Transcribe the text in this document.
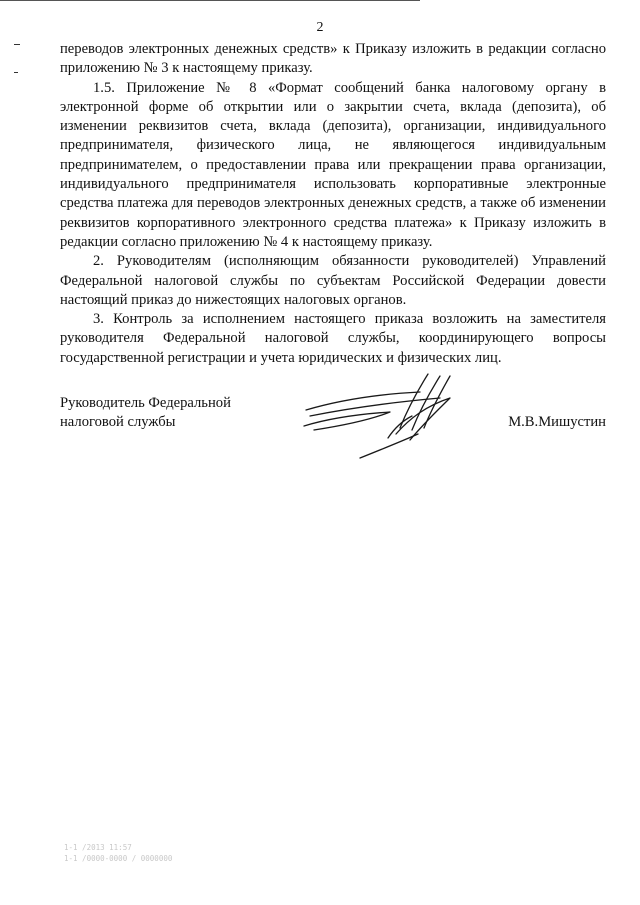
2

переводов электронных денежных средств» к Приказу изложить в редакции согласно приложению № 3 к настоящему приказу.

1.5. Приложение № 8 «Формат сообщений банка налоговому органу в электронной форме об открытии или о закрытии счета, вклада (депозита), об изменении реквизитов счета, вклада (депозита), организации, индивидуального предпринимателя, физического лица, не являющегося индивидуальным предпринимателем, о предоставлении права или прекращении права организации, индивидуального предпринимателя использовать корпоративные электронные средства платежа для переводов электронных денежных средств, а также об изменении реквизитов корпоративного электронного средства платежа» к Приказу изложить в редакции согласно приложению № 4 к настоящему приказу.

2. Руководителям (исполняющим обязанности руководителей) Управлений Федеральной налоговой службы по субъектам Российской Федерации довести настоящий приказ до нижестоящих налоговых органов.

3. Контроль за исполнением настоящего приказа возложить на заместителя руководителя Федеральной налоговой службы, координирующего вопросы государственной регистрации и учета юридических и физических лиц.

Руководитель Федеральной
налоговой службы	М.В.Мишустин
1-1 /2013 11:57
1-1 /0000-0000 / 0000000
